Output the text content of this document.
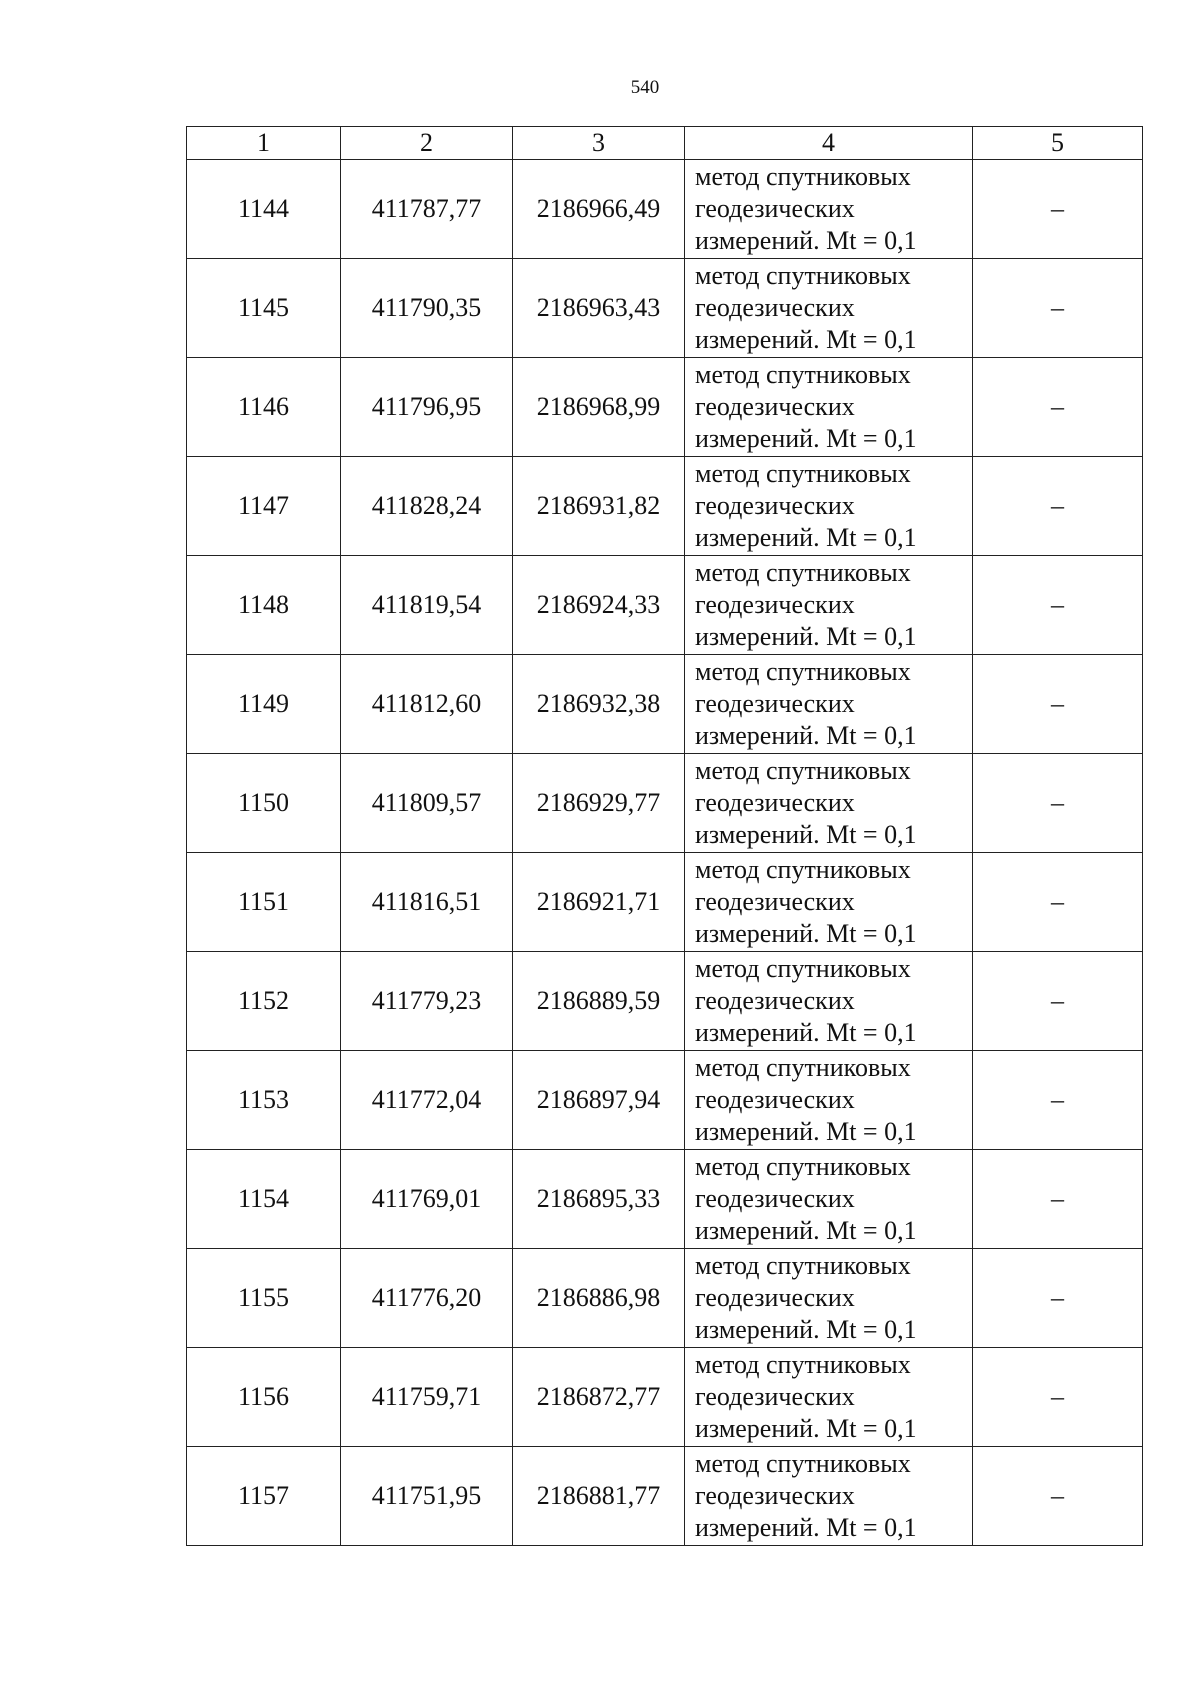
540
1	2	3	4	5
1144	411787,77	2186966,49	метод спутниковых
геодезических
измерений. Mt = 0,1	–
1145	411790,35	2186963,43	метод спутниковых
геодезических
измерений. Mt = 0,1	–
1146	411796,95	2186968,99	метод спутниковых
геодезических
измерений. Mt = 0,1	–
1147	411828,24	2186931,82	метод спутниковых
геодезических
измерений. Mt = 0,1	–
1148	411819,54	2186924,33	метод спутниковых
геодезических
измерений. Mt = 0,1	–
1149	411812,60	2186932,38	метод спутниковых
геодезических
измерений. Mt = 0,1	–
1150	411809,57	2186929,77	метод спутниковых
геодезических
измерений. Mt = 0,1	–
1151	411816,51	2186921,71	метод спутниковых
геодезических
измерений. Mt = 0,1	–
1152	411779,23	2186889,59	метод спутниковых
геодезических
измерений. Mt = 0,1	–
1153	411772,04	2186897,94	метод спутниковых
геодезических
измерений. Mt = 0,1	–
1154	411769,01	2186895,33	метод спутниковых
геодезических
измерений. Mt = 0,1	–
1155	411776,20	2186886,98	метод спутниковых
геодезических
измерений. Mt = 0,1	–
1156	411759,71	2186872,77	метод спутниковых
геодезических
измерений. Mt = 0,1	–
1157	411751,95	2186881,77	метод спутниковых
геодезических
измерений. Mt = 0,1	–
